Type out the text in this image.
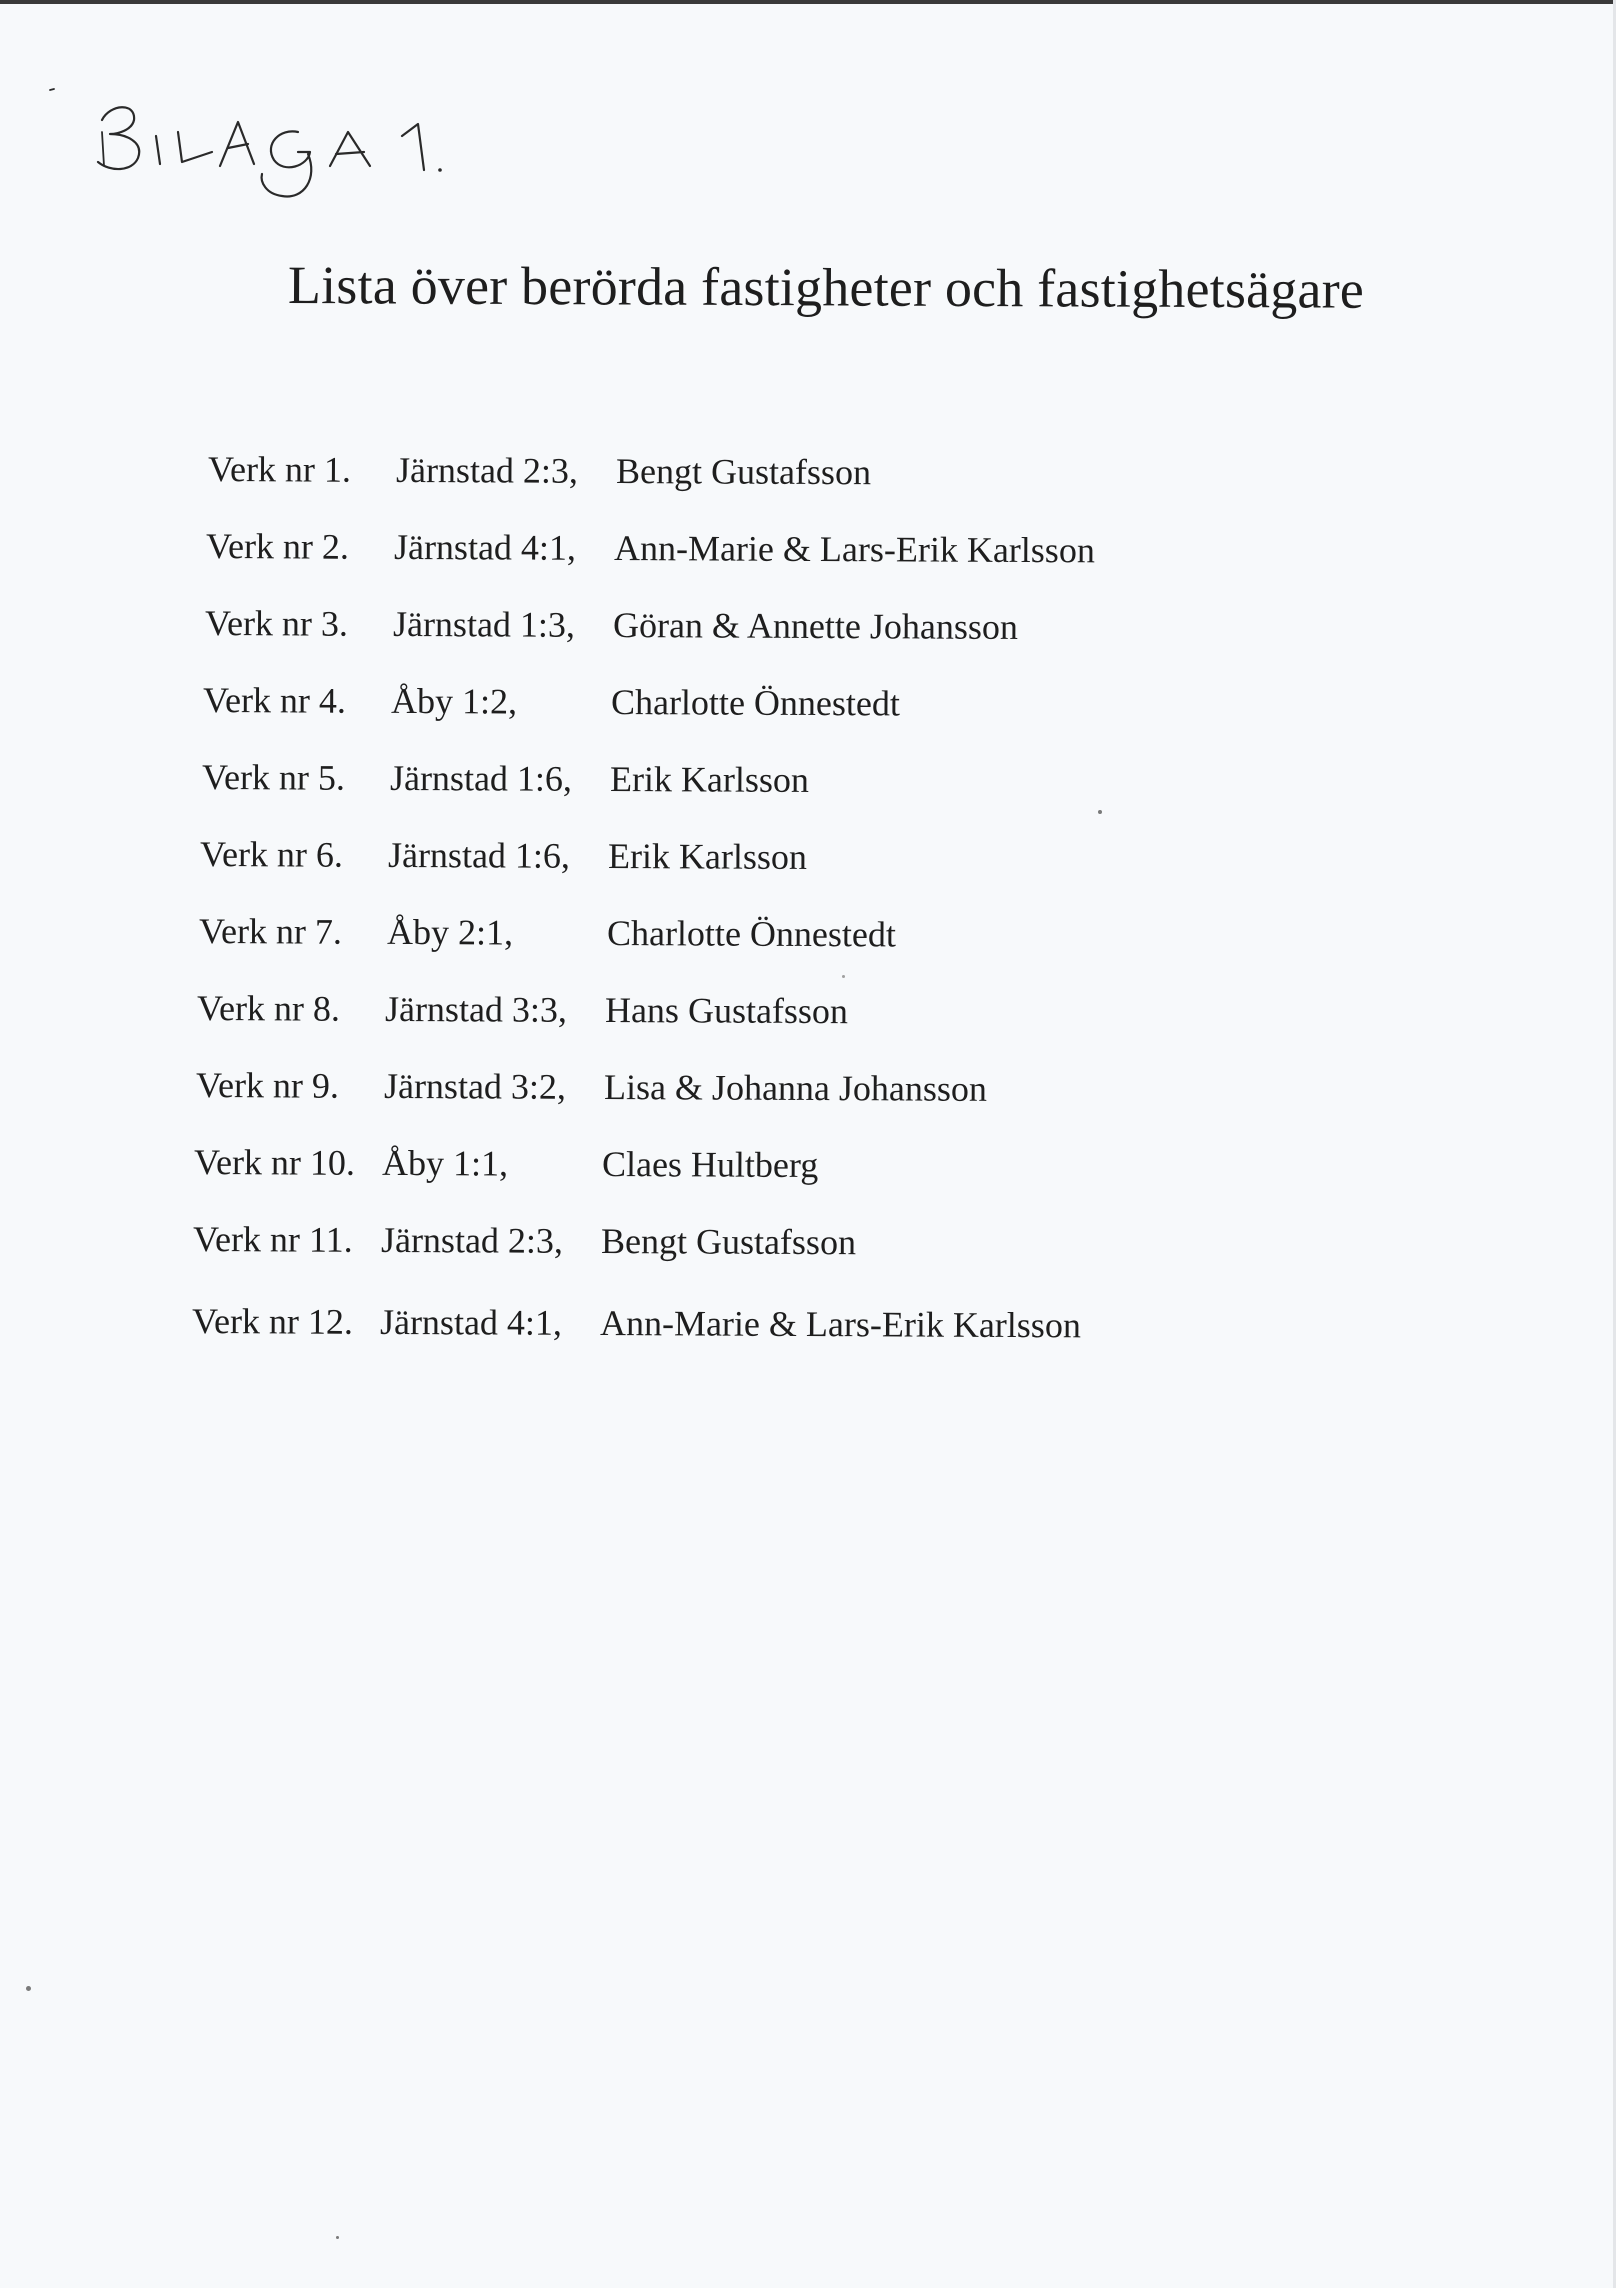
Lista över berörda fastigheter och fastighetsägare
Verk nr 1. Järnstad 2:3, Bengt Gustafsson
Verk nr 2. Järnstad 4:1, Ann-Marie & Lars-Erik Karlsson
Verk nr 3. Järnstad 1:3, Göran & Annette Johansson
Verk nr 4. Åby 1:2,	Charlotte Önnestedt
Verk nr 5. Järnstad 1:6, Erik Karlsson
Verk nr 6. Järnstad 1:6, Erik Karlsson
Verk nr 7. Åby 2:1,	Charlotte Önnestedt
Verk nr 8. Järnstad 3:3, Hans Gustafsson
Verk nr 9. Järnstad 3:2, Lisa & Johanna Johansson
Verk nr 10. Åby 1:1,	Claes Hultberg
Verk nr 11. Järnstad 2:3, Bengt Gustafsson
Verk nr 12. Järnstad 4:1, Ann-Marie & Lars-Erik Karlsson
